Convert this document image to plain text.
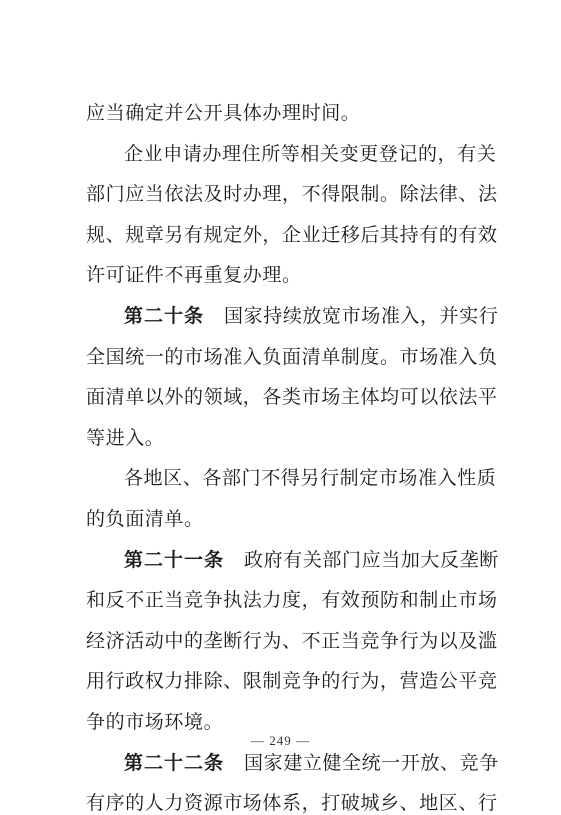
应当确定并公开具体办理时间。
企业申请办理住所等相关变更登记的，有关
部门应当依法及时办理，不得限制。除法律、法
规、规章另有规定外，企业迁移后其持有的有效
许可证件不再重复办理。
第二十条 国家持续放宽市场准入，并实行
全国统一的市场准入负面清单制度。市场准入负
面清单以外的领域，各类市场主体均可以依法平
等进入。
各地区、各部门不得另行制定市场准入性质
的负面清单。
第二十一条 政府有关部门应当加大反垄断
和反不正当竞争执法力度，有效预防和制止市场
经济活动中的垄断行为、不正当竞争行为以及滥
用行政权力排除、限制竞争的行为，营造公平竞
争的市场环境。
第二十二条 国家建立健全统一开放、竞争
有序的人力资源市场体系，打破城乡、地区、行
— 249 —
